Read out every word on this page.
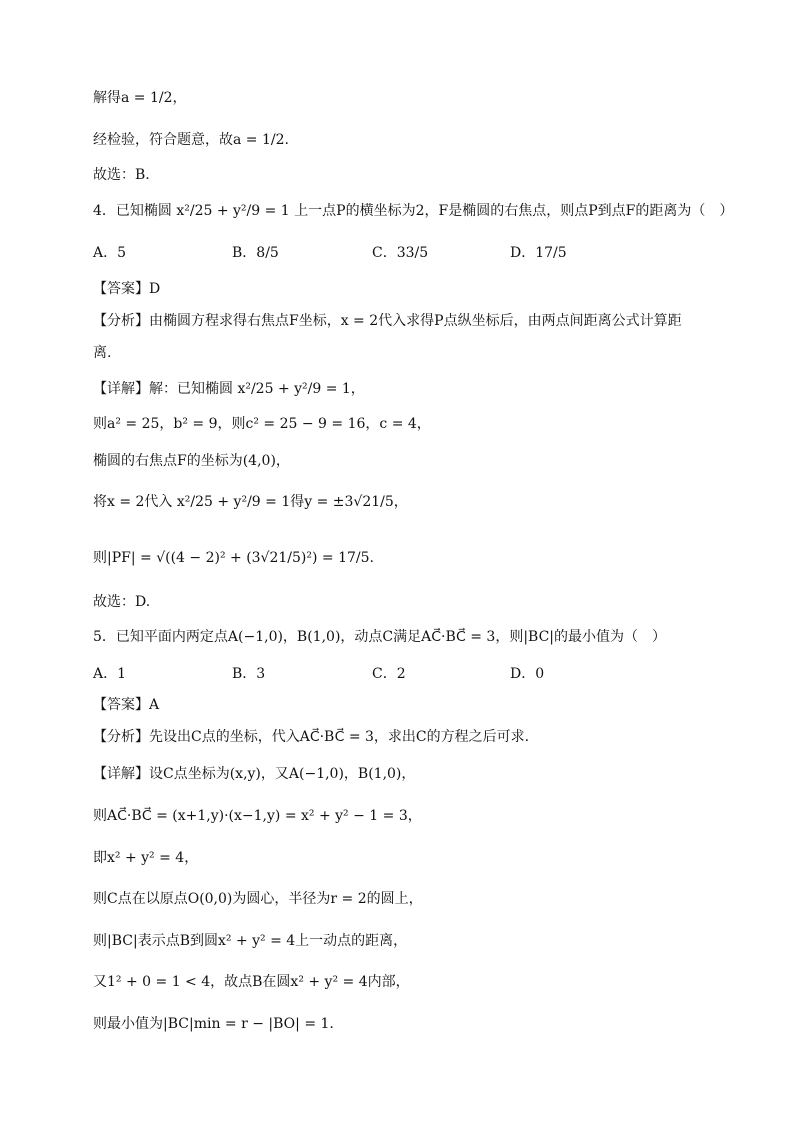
解得a = 1/2，
经检验，符合题意，故a = 1/2.
故选：B.
4．已知椭圆 x²/25 + y²/9 = 1 上一点P的横坐标为2，F是椭圆的右焦点，则点P到点F的距离为（　）
A．5	B．8/5	C．33/5	D．17/5
【答案】D
【分析】由椭圆方程求得右焦点F坐标，x = 2代入求得P点纵坐标后，由两点间距离公式计算距
离.
【详解】解：已知椭圆 x²/25 + y²/9 = 1，
则a² = 25，b² = 9，则c² = 25 − 9 = 16，c = 4，
椭圆的右焦点F的坐标为(4,0)，
将x = 2代入 x²/25 + y²/9 = 1得y = ±3√21/5，
则|PF| = √((4 − 2)² + (3√21/5)²) = 17/5.
故选：D.
5．已知平面内两定点A(−1,0)，B(1,0)，动点C满足AC⃗·BC⃗ = 3，则|BC|的最小值为（　）
A．1	B．3	C．2	D．0
【答案】A
【分析】先设出C点的坐标，代入AC⃗·BC⃗ = 3，求出C的方程之后可求.
【详解】设C点坐标为(x,y)，又A(−1,0)，B(1,0)，
则AC⃗·BC⃗ = (x+1,y)·(x−1,y) = x² + y² − 1 = 3，
即x² + y² = 4，
则C点在以原点O(0,0)为圆心，半径为r = 2的圆上，
则|BC|表示点B到圆x² + y² = 4上一动点的距离，
又1² + 0 = 1 < 4，故点B在圆x² + y² = 4内部，
则最小值为|BC|min = r − |BO| = 1.
